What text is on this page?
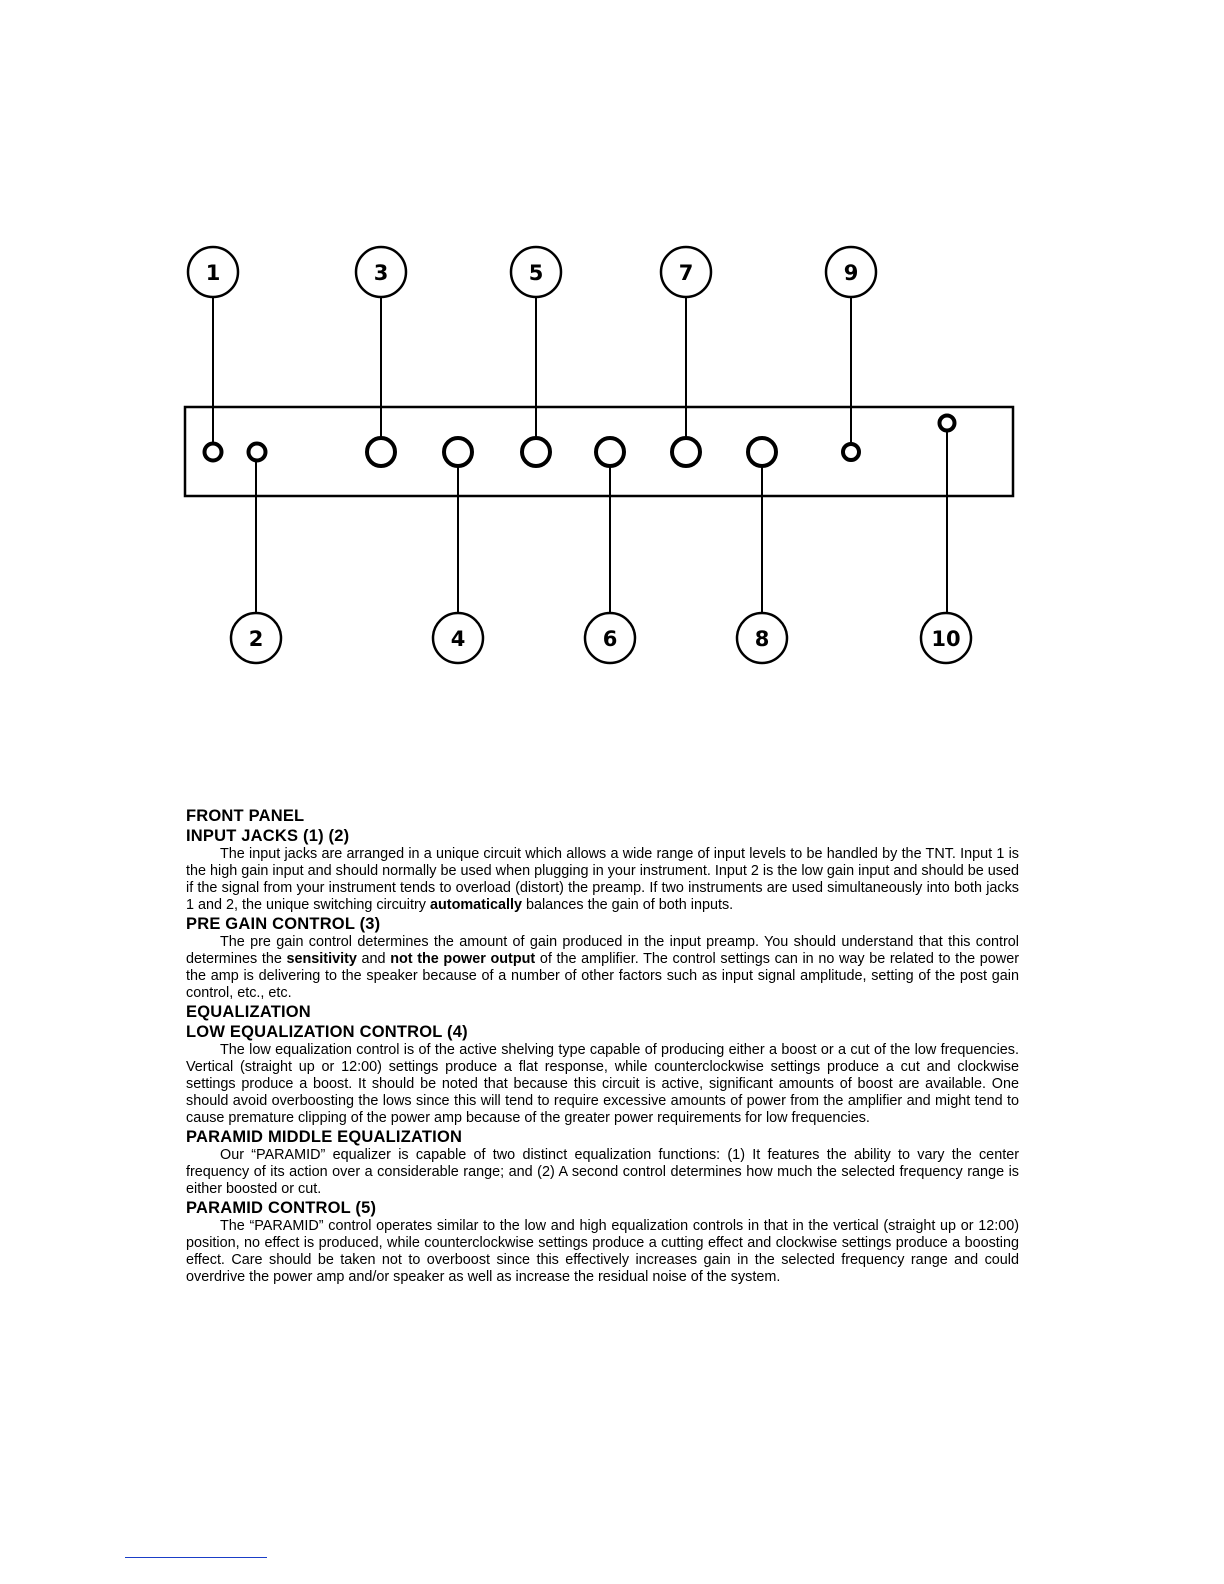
1	3	5	7	9
2	4	6	8	10
FRONT PANEL
INPUT JACKS (1) (2)

The input jacks are arranged in a unique circuit which allows a wide range of input levels to be handled by the TNT. Input 1 is the high gain input and should normally be used when plugging in your instrument. Input 2 is the low gain input and should be used if the signal from your instrument tends to overload (distort) the preamp. If two instruments are used simultaneously into both jacks 1 and 2, the unique switching circuitry automatically balances the gain of both inputs.

PRE GAIN CONTROL (3)

The pre gain control determines the amount of gain produced in the input preamp. You should understand that this control determines the sensitivity and not the power output of the amplifier. The control settings can in no way be related to the power the amp is delivering to the speaker because of a number of other factors such as input signal amplitude, setting of the post gain control, etc., etc.

EQUALIZATION
LOW EQUALIZATION CONTROL (4)

The low equalization control is of the active shelving type capable of producing either a boost or a cut of the low frequencies. Vertical (straight up or 12:00) settings produce a flat response, while counterclockwise settings produce a cut and clockwise settings produce a boost. It should be noted that because this circuit is active, significant amounts of boost are available. One should avoid overboosting the lows since this will tend to require excessive amounts of power from the amplifier and might tend to cause premature clipping of the power amp because of the greater power requirements for low frequencies.

PARAMID MIDDLE EQUALIZATION

Our “PARAMID” equalizer is capable of two distinct equalization functions: (1) It features the ability to vary the center frequency of its action over a considerable range; and (2) A second control determines how much the selected frequency range is either boosted or cut.

PARAMID CONTROL (5)

The “PARAMID” control operates similar to the low and high equalization controls in that in the vertical (straight up or 12:00) position, no effect is produced, while counterclockwise settings produce a cutting effect and clockwise settings produce a boosting effect. Care should be taken not to overboost since this effectively increases gain in the selected frequency range and could overdrive the power amp and/or speaker as well as increase the residual noise of the system.
